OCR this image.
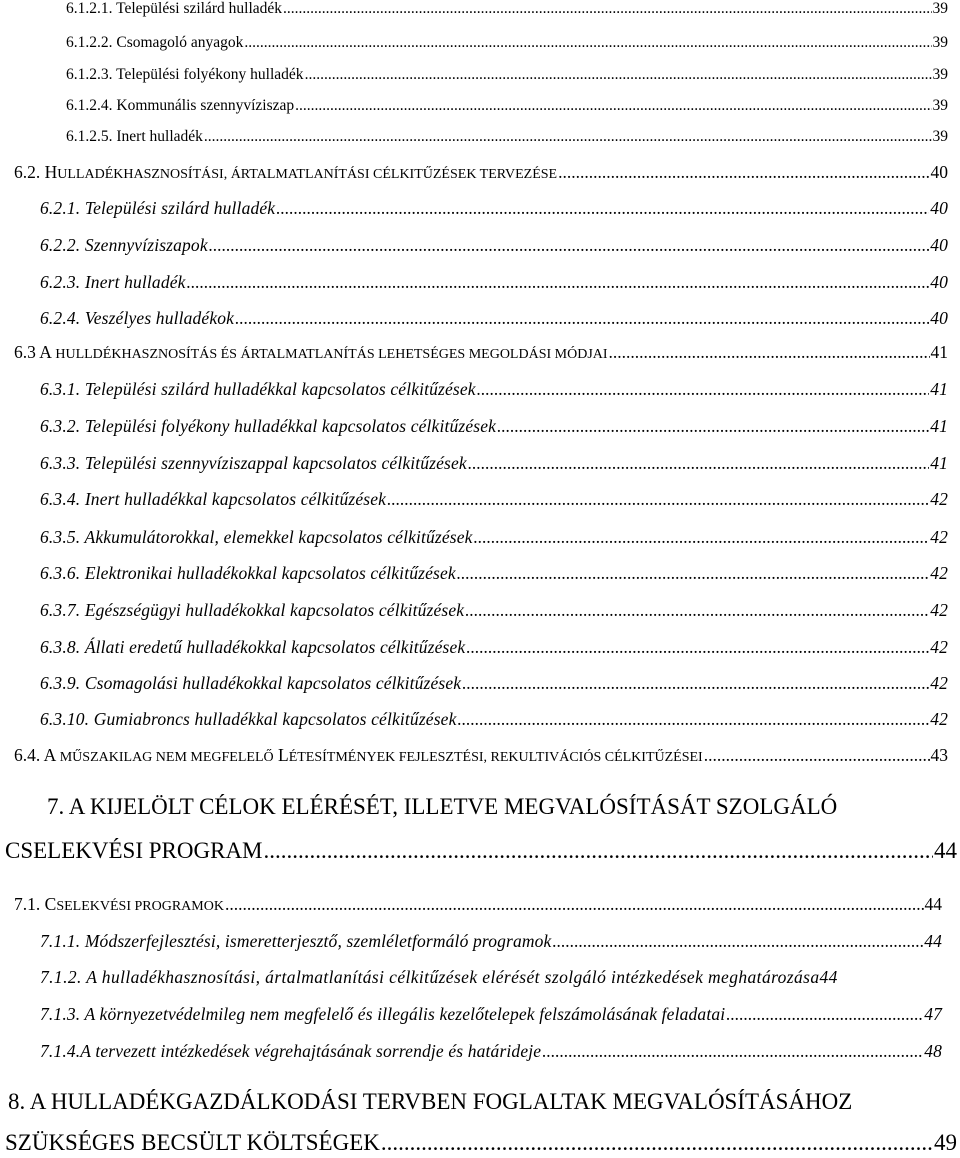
6.1.2.1. Települési szilárd hulladék .....	39
6.1.2.2. Csomagoló anyagok .....	39
6.1.2.3. Települési folyékony hulladék .....	39
6.1.2.4. Kommunális szennyvíziszap .....	39
6.1.2.5. Inert hulladék .....	39
6.2. HULLADÉKHASZNOSÍTÁSI, ÁRTALMATLANÍTÁSI CÉLKITŰZÉSEK TERVEZÉSE .....	40
6.2.1. Települési szilárd hulladék .....	40
6.2.2. Szennyvíziszapok .....	40
6.2.3. Inert hulladék .....	40
6.2.4. Veszélyes hulladékok .....	40
6.3 A HULLDÉKHASZNOSÍTÁS ÉS ÁRTALMATLANÍTÁS LEHETSÉGES MEGOLDÁSI MÓDJAI .....	41
6.3.1. Települési szilárd hulladékkal kapcsolatos célkitűzések .....	41
6.3.2. Települési folyékony hulladékkal kapcsolatos célkitűzések .....	41
6.3.3. Települési szennyvíziszappal kapcsolatos célkitűzések .....	41
6.3.4. Inert hulladékkal kapcsolatos célkitűzések .....	42
6.3.5. Akkumulátorokkal, elemekkel kapcsolatos célkitűzések .....	42
6.3.6. Elektronikai hulladékokkal kapcsolatos célkitűzések .....	42
6.3.7. Egészségügyi hulladékokkal kapcsolatos célkitűzések .....	42
6.3.8. Állati eredetű hulladékokkal kapcsolatos célkitűzések .....	42
6.3.9. Csomagolási hulladékokkal kapcsolatos célkitűzések .....	42
6.3.10. Gumiabroncs hulladékkal kapcsolatos célkitűzések .....	42
6.4. A MŰSZAKILAG NEM MEGFELELŐ LÉTESÍTMÉNYEK FEJLESZTÉSI, REKULTIVÁCIÓS CÉLKITŰZÉSEI .....	43
7. A KIJELÖLT CÉLOK ELÉRÉSÉT, ILLETVE MEGVALÓSÍTÁSÁT SZOLGÁLÓ
CSELEKVÉSI PROGRAM .....	44
7.1. CSELEKVÉSI PROGRAMOK .....	44
7.1.1. Módszerfejlesztési, ismeretterjesztő, szemléletformáló programok .....	44
7.1.2. A hulladékhasznosítási, ártalmatlanítási célkitűzések elérését szolgáló intézkedések meghatározása 44
7.1.3. A környezetvédelmileg nem megfelelő és illegális kezelőtelepek felszámolásának feladatai .....	47
7.1.4.A tervezett intézkedések végrehajtásának sorrendje és határideje .....	48
8. A HULLADÉKGAZDÁLKODÁSI TERVBEN FOGLALTAK MEGVALÓSÍTÁSÁHOZ
SZÜKSÉGES BECSÜLT KÖLTSÉGEK .....	49
